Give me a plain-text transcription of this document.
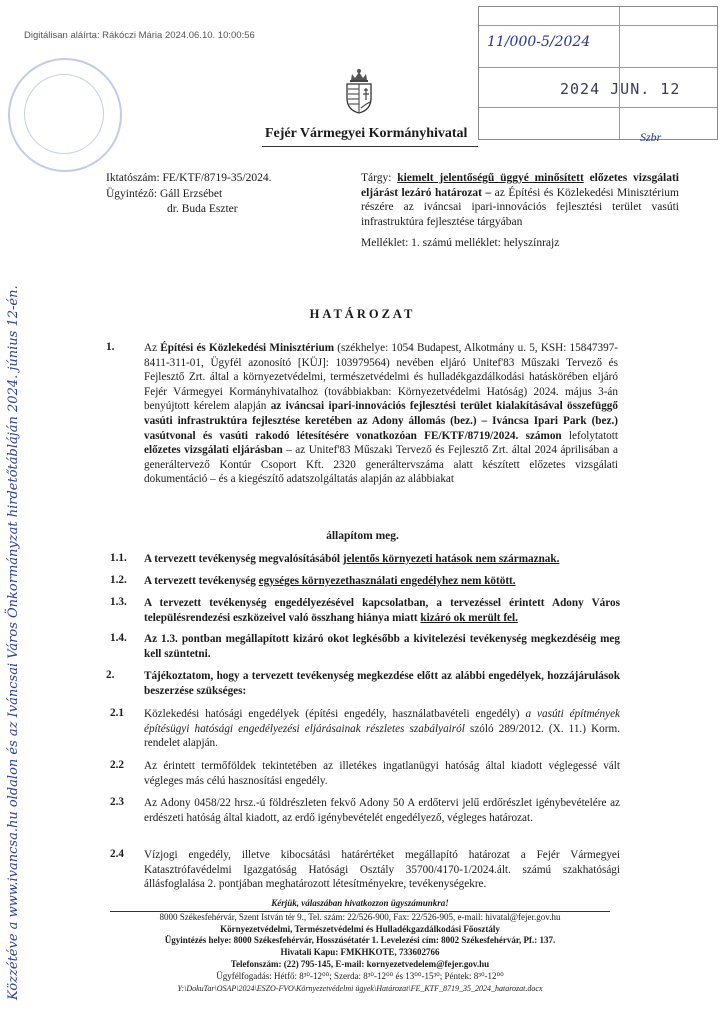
Digitálisan aláírta: Rákóczi Mária 2024.06.10. 10:00:56	11/000-5/2024
2024 JUN. 12
Szbr
Fejér Vármegyei Kormányhivatal
Iktatószám: FE/KTF/8719-35/2024.
Ügyintéző: Gáll Erzsébet
dr. Buda Eszter
Tárgy: kiemelt jelentőségű üggyé minősített előzetes vizsgálati eljárást lezáró határozat – az Építési és Közlekedési Minisztérium részére az iváncsai ipari-innovációs fejlesztési terület vasúti infrastruktúra fejlesztése tárgyában
Melléklet: 1. számú melléklet: helyszínrajz
HATÁROZAT
1.	Az Építési és Közlekedési Minisztérium (székhelye: 1054 Budapest, Alkotmány u. 5, KSH: 15847397-8411-311-01, Ügyfél azonosító [KÜJ]: 103979564) nevében eljáró Unitef'83 Műszaki Tervező és Fejlesztő Zrt. által a környezetvédelmi, természetvédelmi és hulladékgazdálkodási hatáskörében eljáró Fejér Vármegyei Kormányhivatalhoz (továbbiakban: Környezetvédelmi Hatóság) 2024. május 3-án benyújtott kérelem alapján az iváncsai ipari-innovációs fejlesztési terület kialakításával összefüggő vasúti infrastruktúra fejlesztése keretében az Adony állomás (bez.) – Iváncsa Ipari Park (bez.) vasútvonal és vasúti rakodó létesítésére vonatkozóan FE/KTF/8719/2024. számon lefolytatott előzetes vizsgálati eljárásban – az Unitef'83 Műszaki Tervező és Fejlesztő Zrt. által 2024 áprilisában a generáltervező Kontúr Csoport Kft. 2320 generáltervszáma alatt készített előzetes vizsgálati dokumentáció – és a kiegészítő adatszolgáltatás alapján az alábbiakat
állapítom meg.
1.1. A tervezett tevékenység megvalósításából jelentős környezeti hatások nem származnak.
1.2. A tervezett tevékenység egységes környezethasználati engedélyhez nem kötött.
1.3. A tervezett tevékenység engedélyezésével kapcsolatban, a tervezéssel érintett Adony Város településrendezési eszközeivel való összhang hiánya miatt kizáró ok merült fel.
1.4. Az 1.3. pontban megállapított kizáró okot legkésőbb a kivitelezési tevékenység megkezdéséig meg kell szüntetni.
2.	Tájékoztatom, hogy a tervezett tevékenység megkezdése előtt az alábbi engedélyek, hozzájárulások beszerzése szükséges:
2.1 Közlekedési hatósági engedélyek (építési engedély, használatbavételi engedély) a vasúti építmények építésügyi hatósági engedélyezési eljárásainak részletes szabályairól szóló 289/2012. (X. 11.) Korm. rendelet alapján.
2.2 Az érintett termőföldek tekintetében az illetékes ingatlanügyi hatóság által kiadott véglegessé vált végleges más célú hasznosítási engedély.
2.3 Az Adony 0458/22 hrsz.-ú földrészleten fekvő Adony 50 A erdőtervi jelű erdőrészlet igénybevételére az erdészeti hatóság által kiadott, az erdő igénybevételét engedélyező, végleges határozat.
2.4 Vízjogi engedély, illetve kibocsátási határértéket megállapító határozat a Fejér Vármegyei Katasztrófavédelmi Igazgatóság Hatósági Osztály 35700/4170-1/2024.ált. számú szakhatósági állásfoglalása 2. pontjában meghatározott létesítményekre, tevékenységekre.
Kérjük, válaszában hivatkozzon ügyszámunkra!
8000 Székesfehérvár, Szent István tér 9., Tel. szám: 22/526-900, Fax: 22/526-905, e-mail: hivatal@fejer.gov.hu
Környezetvédelmi, Természetvédelmi és Hulladékgazdálkodási Főosztály
Ügyintézés helye: 8000 Székesfehérvár, Hosszúsétatér 1. Levelezési cím: 8002 Székesfehérvár, Pf.: 137.
Hivatali Kapu: FMKHKOTE, 733602766
Telefonszám: (22) 795-145, E-mail: kornyezetvedelem@fejer.gov.hu
Ügyfélfogadás: Hétfő: 8³⁰-12⁰⁰; Szerda: 8³⁰-12⁰⁰ és 13⁰⁰-15³⁰; Péntek: 8³⁰-12⁰⁰
Y:\DokuTar\OSAP\2024\ESZO-FVO\Környezetvédelmi ügyek\Határozat\FE_KTF_8719_35_2024_hatarozat.docx
Közzétéve a www.ivancsa.hu oldalon és az Iváncsai Város Önkormányzat hirdetőtábláján 2024. június 12-én.
